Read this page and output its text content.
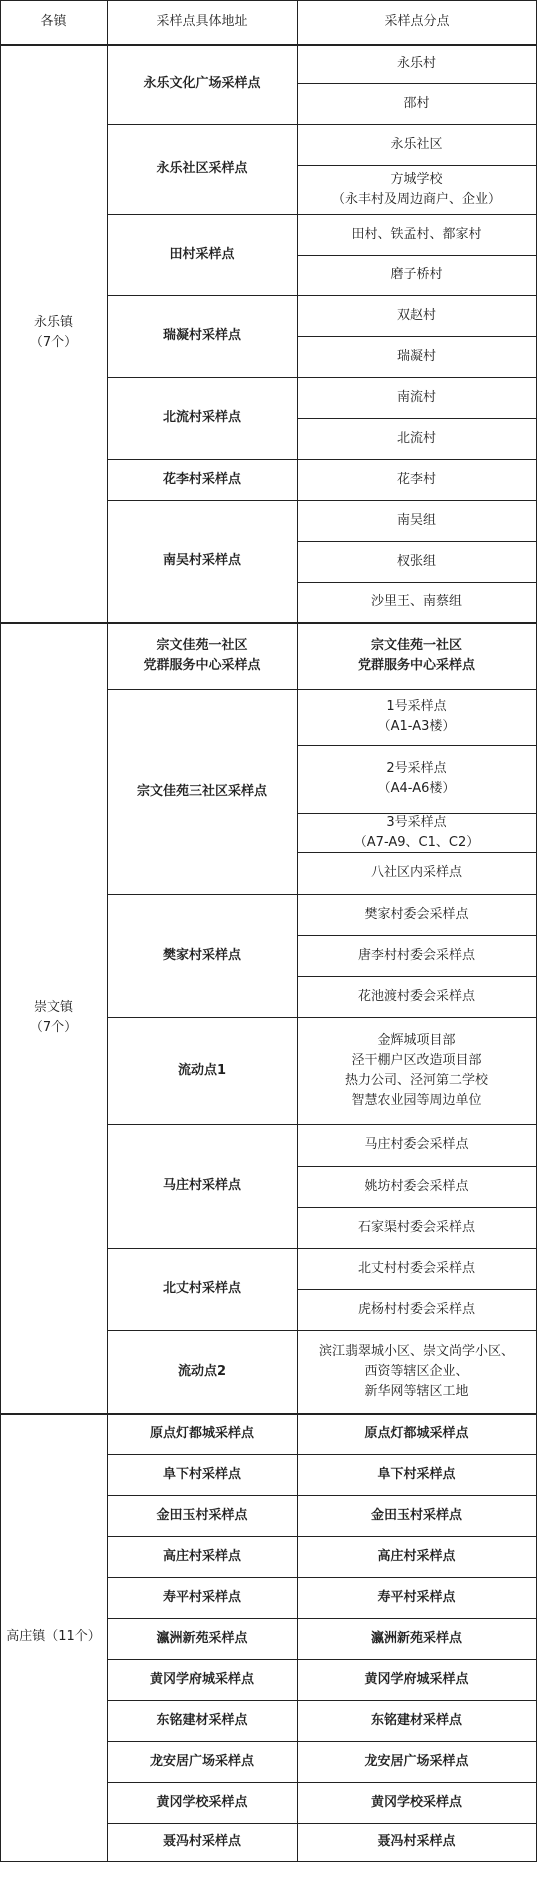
各镇	采样点具体地址	采样点分点
永乐村
邵村
永乐文化广场采样点
永乐社区
方城学校
（永丰村及周边商户、企业）
永乐社区采样点
田村、铁孟村、都家村
磨子桥村
田村采样点
双赵村
瑞凝村
瑞凝村采样点
南流村
北流村
北流村采样点
花李村
花李村采样点
南吴组
杈张组
沙里王、南蔡组
南吴村采样点
永乐镇
（7个）
宗文佳苑一社区
党群服务中心采样点
宗文佳苑一社区
党群服务中心采样点
1号采样点
（A1-A3楼）
2号采样点
（A4-A6楼）
3号采样点
（A7-A9、C1、C2）
八社区内采样点
宗文佳苑三社区采样点
樊家村委会采样点
唐李村村委会采样点
花池渡村委会采样点
樊家村采样点
金辉城项目部
泾干棚户区改造项目部
热力公司、泾河第二学校
智慧农业园等周边单位
流动点1
马庄村委会采样点
姚坊村委会采样点
石家渠村委会采样点
马庄村采样点
北丈村村委会采样点
虎杨村村委会采样点
北丈村采样点
滨江翡翠城小区、崇文尚学小区、
西资等辖区企业、
新华网等辖区工地
流动点2
崇文镇
（7个）
原点灯都城采样点
原点灯都城采样点
阜下村采样点
阜下村采样点
金田玉村采样点
金田玉村采样点
高庄村采样点
高庄村采样点
寿平村采样点
寿平村采样点
瀛洲新苑采样点
瀛洲新苑采样点
黄冈学府城采样点
黄冈学府城采样点
东铭建材采样点
东铭建材采样点
龙安居广场采样点
龙安居广场采样点
黄冈学校采样点
黄冈学校采样点
聂冯村采样点
聂冯村采样点
高庄镇（11个）
